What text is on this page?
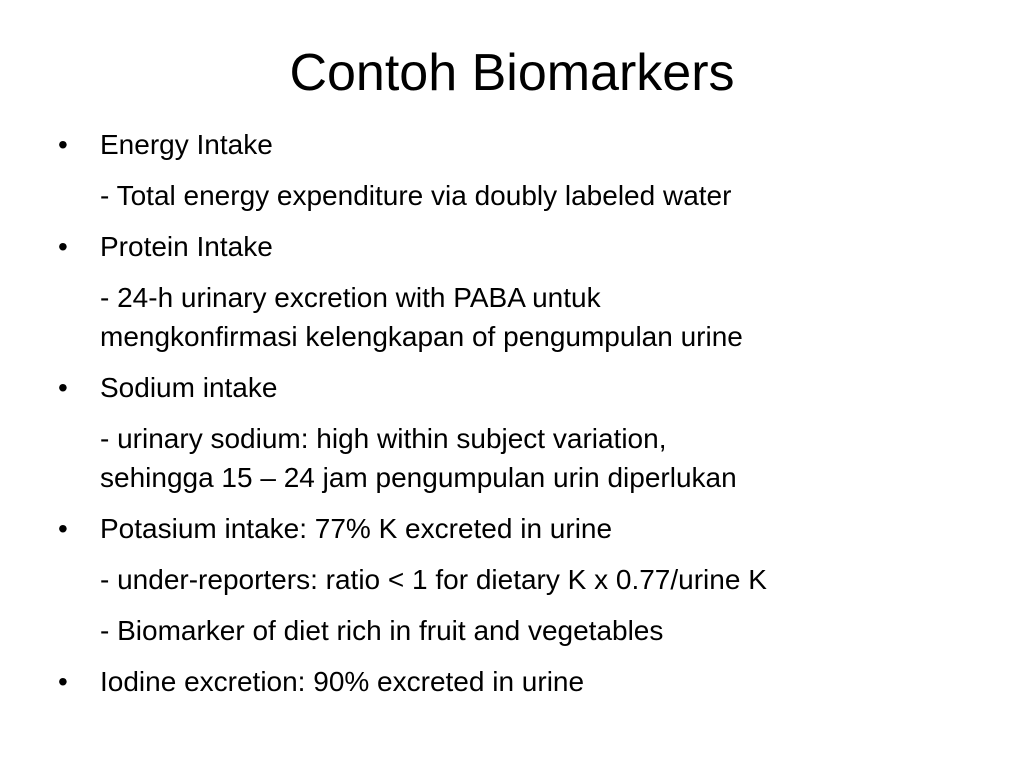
Contoh Biomarkers
•	Energy Intake
- Total energy expenditure via doubly labeled water
•	Protein Intake
- 24-h urinary excretion with PABA untuk
mengkonfirmasi kelengkapan of pengumpulan urine
•	Sodium intake
- urinary sodium: high within subject variation,
sehingga 15 – 24 jam pengumpulan urin diperlukan
•	Potasium intake: 77% K excreted in urine
- under-reporters: ratio < 1 for dietary K x 0.77/urine K
- Biomarker of diet rich in fruit and vegetables
•	Iodine excretion: 90% excreted in urine
